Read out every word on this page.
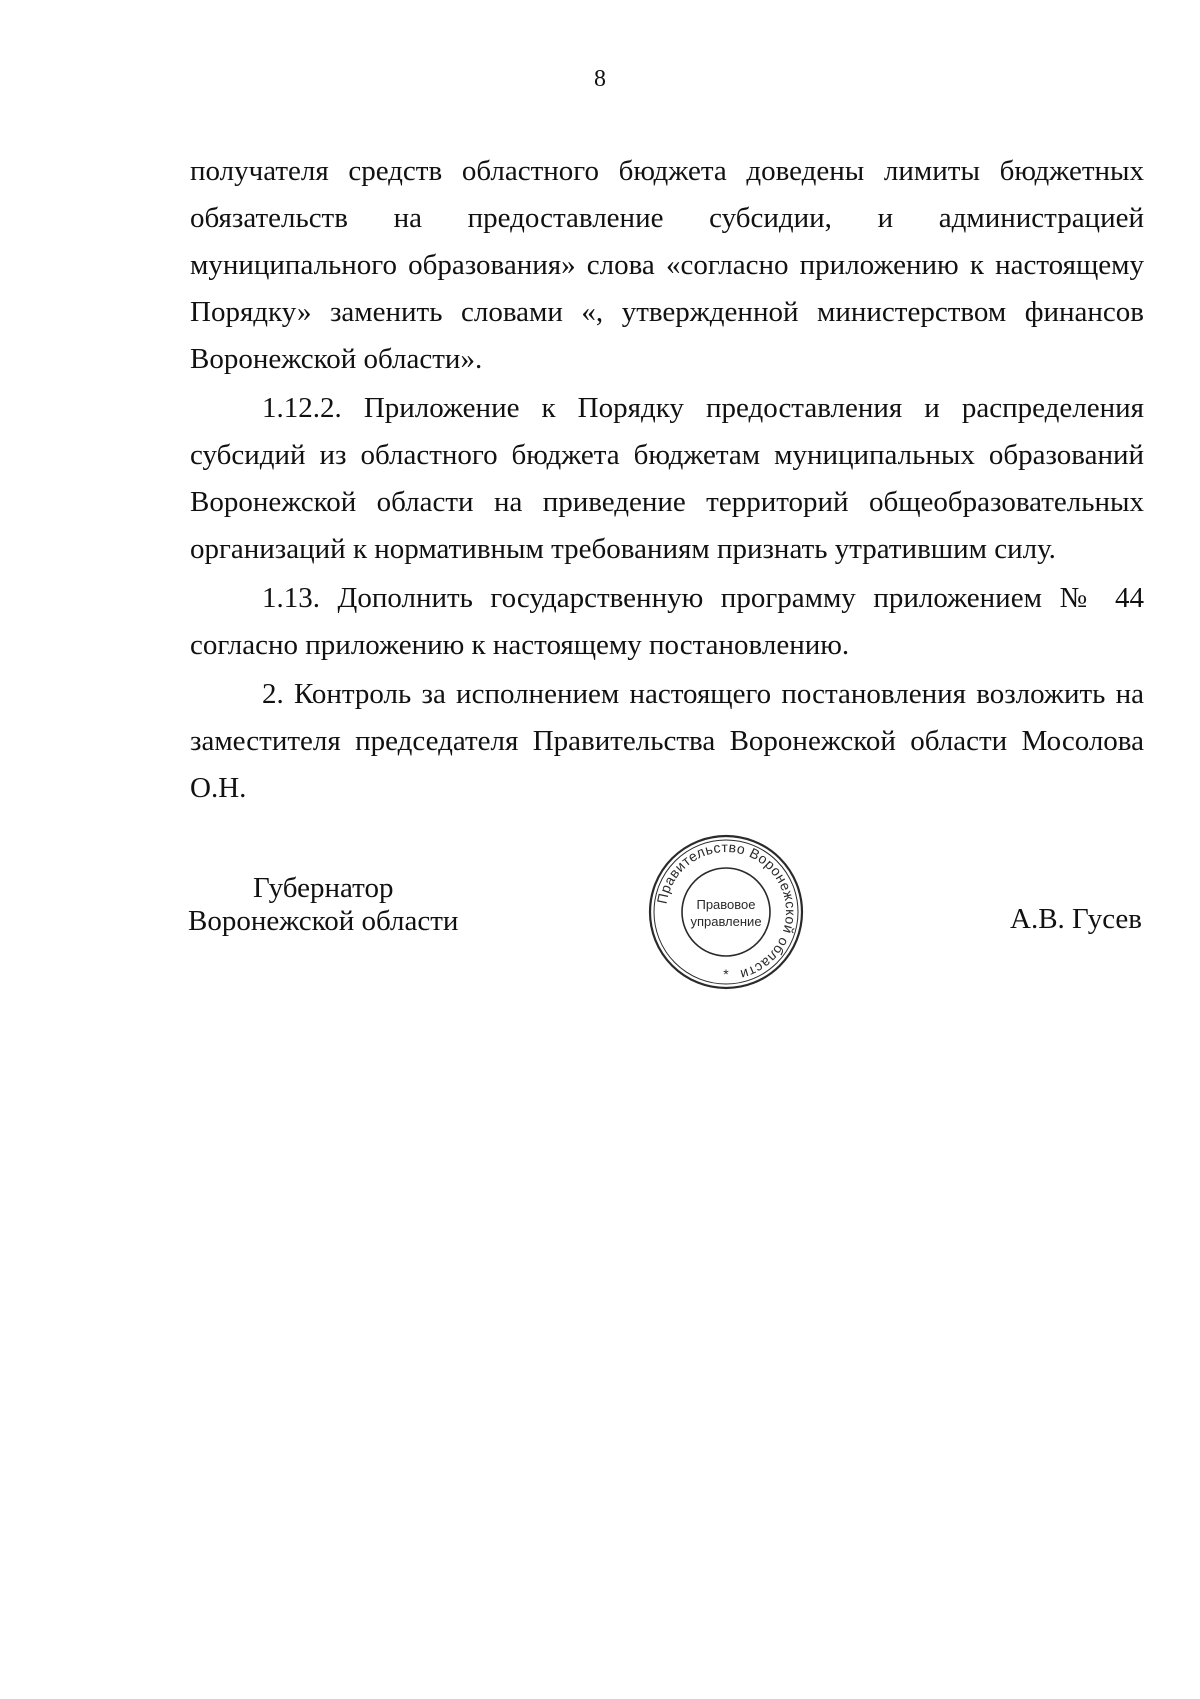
8

получателя средств областного бюджета доведены лимиты бюджетных обязательств на предоставление субсидии, и администрацией муниципального образования» слова «согласно приложению к настоящему Порядку» заменить словами «, утвержденной министерством финансов Воронежской области».

1.12.2. Приложение к Порядку предоставления и распределения субсидий из областного бюджета бюджетам муниципальных образований Воронежской области на приведение территорий общеобразовательных организаций к нормативным требованиям признать утратившим силу.

1.13. Дополнить государственную программу приложением № 44 согласно приложению к настоящему постановлению.

2. Контроль за исполнением настоящего постановления возложить на заместителя председателя Правительства Воронежской области Мосолова О.Н.

Губернатор
Воронежской области
Правительство Воронежской области
Правовое
управление
*
А.В. Гусев
